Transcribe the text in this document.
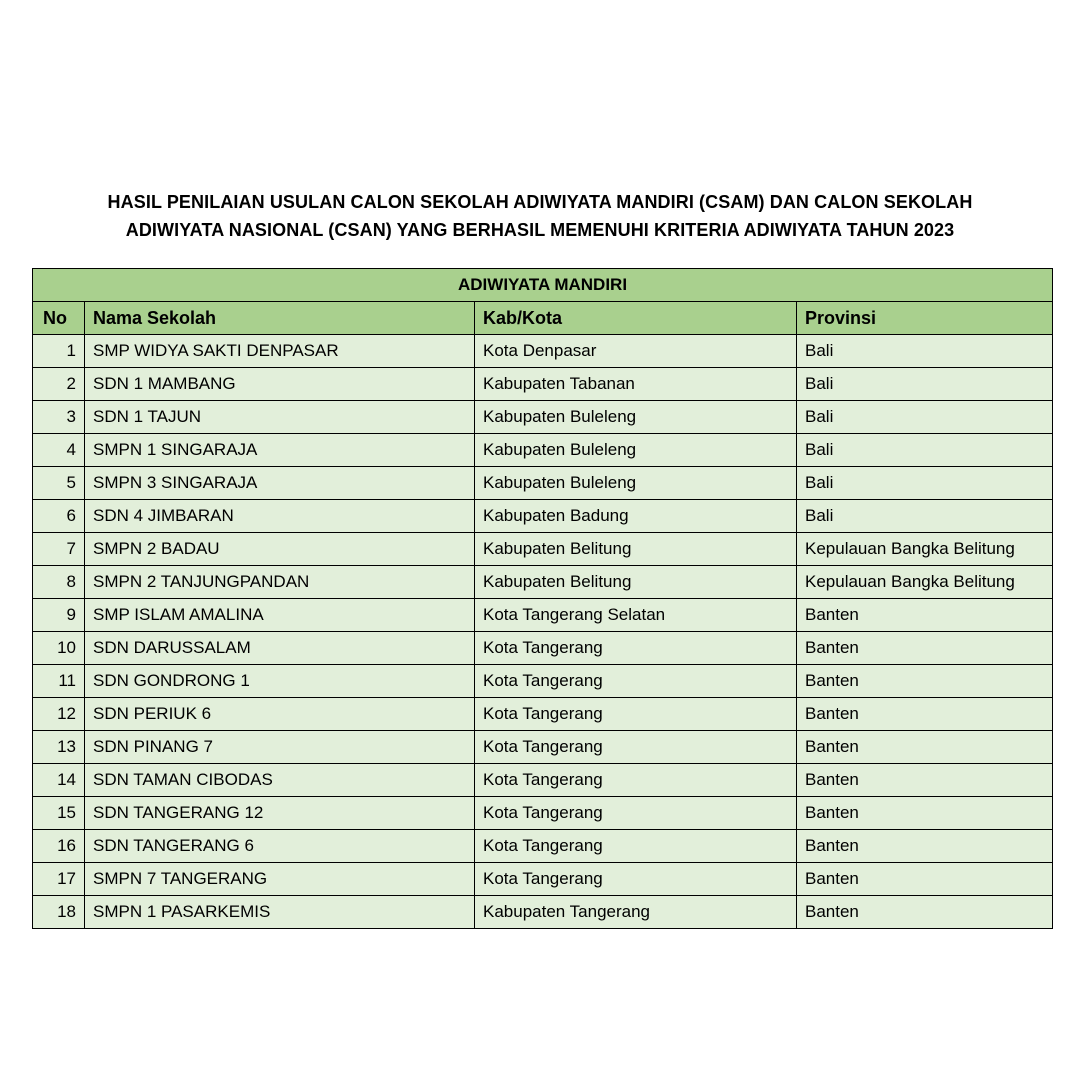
HASIL PENILAIAN USULAN CALON SEKOLAH ADIWIYATA MANDIRI (CSAM) DAN CALON SEKOLAH
ADIWIYATA NASIONAL (CSAN) YANG BERHASIL MEMENUHI KRITERIA ADIWIYATA TAHUN 2023
ADIWIYATA MANDIRI			
No	Nama Sekolah	Kab/Kota	Provinsi
1	SMP WIDYA SAKTI DENPASAR	Kota Denpasar	Bali
2	SDN 1 MAMBANG	Kabupaten Tabanan	Bali
3	SDN 1 TAJUN	Kabupaten Buleleng	Bali
4	SMPN 1 SINGARAJA	Kabupaten Buleleng	Bali
5	SMPN 3 SINGARAJA	Kabupaten Buleleng	Bali
6	SDN 4 JIMBARAN	Kabupaten Badung	Bali
7	SMPN 2 BADAU	Kabupaten Belitung	Kepulauan Bangka Belitung
8	SMPN 2 TANJUNGPANDAN	Kabupaten Belitung	Kepulauan Bangka Belitung
9	SMP ISLAM AMALINA	Kota Tangerang Selatan	Banten
10	SDN DARUSSALAM	Kota Tangerang	Banten
11	SDN GONDRONG 1	Kota Tangerang	Banten
12	SDN PERIUK 6	Kota Tangerang	Banten
13	SDN PINANG 7	Kota Tangerang	Banten
14	SDN TAMAN CIBODAS	Kota Tangerang	Banten
15	SDN TANGERANG 12	Kota Tangerang	Banten
16	SDN TANGERANG 6	Kota Tangerang	Banten
17	SMPN 7 TANGERANG	Kota Tangerang	Banten
18	SMPN 1 PASARKEMIS	Kabupaten Tangerang	Banten
